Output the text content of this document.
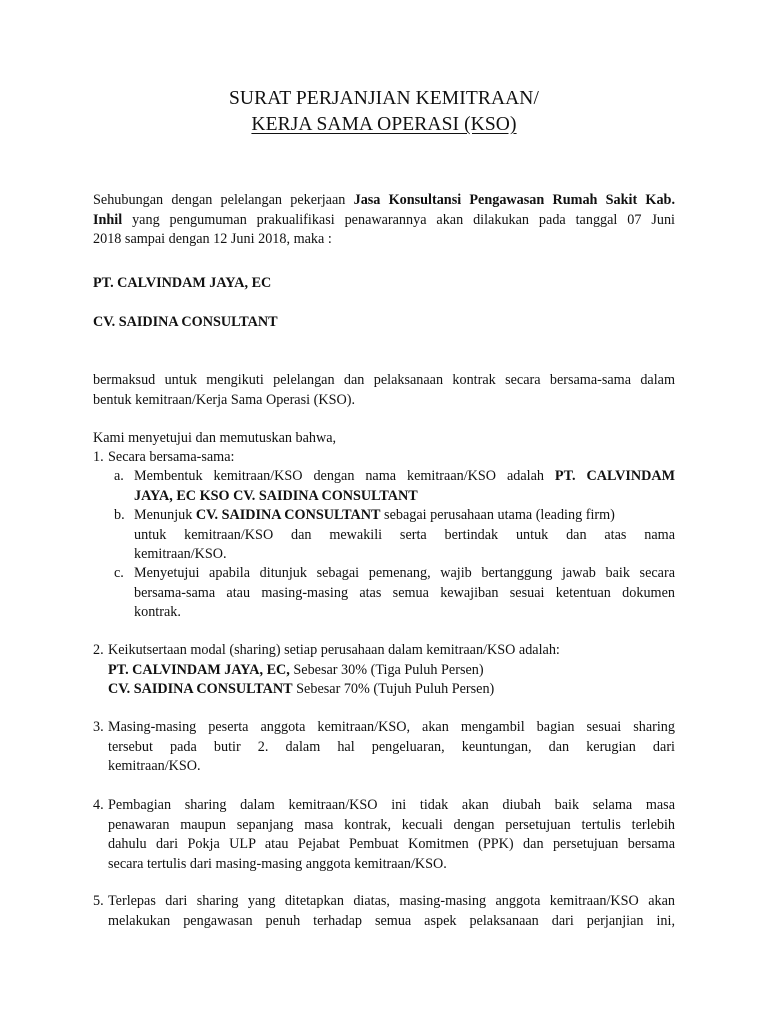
SURAT PERJANJIAN KEMITRAAN/
KERJA SAMA OPERASI (KSO)
Sehubungan dengan pelelangan pekerjaan Jasa Konsultansi Pengawasan Rumah Sakit Kab.
Inhil yang pengumuman prakualifikasi penawarannya akan dilakukan pada tanggal 07 Juni
2018 sampai dengan 12 Juni 2018, maka :
PT. CALVINDAM JAYA, EC
CV. SAIDINA CONSULTANT
bermaksud untuk mengikuti pelelangan dan pelaksanaan kontrak secara bersama-sama dalam
bentuk kemitraan/Kerja Sama Operasi (KSO).
Kami menyetujui dan memutuskan bahwa,
1. Secara bersama-sama:
a. Membentuk kemitraan/KSO dengan nama kemitraan/KSO adalah PT. CALVINDAM
JAYA, EC KSO CV. SAIDINA CONSULTANT
b. Menunjuk CV. SAIDINA CONSULTANT sebagai perusahaan utama (leading firm)
untuk kemitraan/KSO dan mewakili serta bertindak untuk dan atas nama
kemitraan/KSO.
c. Menyetujui apabila ditunjuk sebagai pemenang, wajib bertanggung jawab baik secara
bersama-sama atau masing-masing atas semua kewajiban sesuai ketentuan dokumen
kontrak.
2. Keikutsertaan modal (sharing) setiap perusahaan dalam kemitraan/KSO adalah:
PT. CALVINDAM JAYA, EC, Sebesar 30% (Tiga Puluh Persen)
CV. SAIDINA CONSULTANT Sebesar 70% (Tujuh Puluh Persen)
3. Masing-masing peserta anggota kemitraan/KSO, akan mengambil bagian sesuai sharing
tersebut pada butir 2. dalam hal pengeluaran, keuntungan, dan kerugian dari
kemitraan/KSO.
4. Pembagian sharing dalam kemitraan/KSO ini tidak akan diubah baik selama masa
penawaran maupun sepanjang masa kontrak, kecuali dengan persetujuan tertulis terlebih
dahulu dari Pokja ULP atau Pejabat Pembuat Komitmen (PPK) dan persetujuan bersama
secara tertulis dari masing-masing anggota kemitraan/KSO.
5. Terlepas dari sharing yang ditetapkan diatas, masing-masing anggota kemitraan/KSO akan
melakukan pengawasan penuh terhadap semua aspek pelaksanaan dari perjanjian ini,
